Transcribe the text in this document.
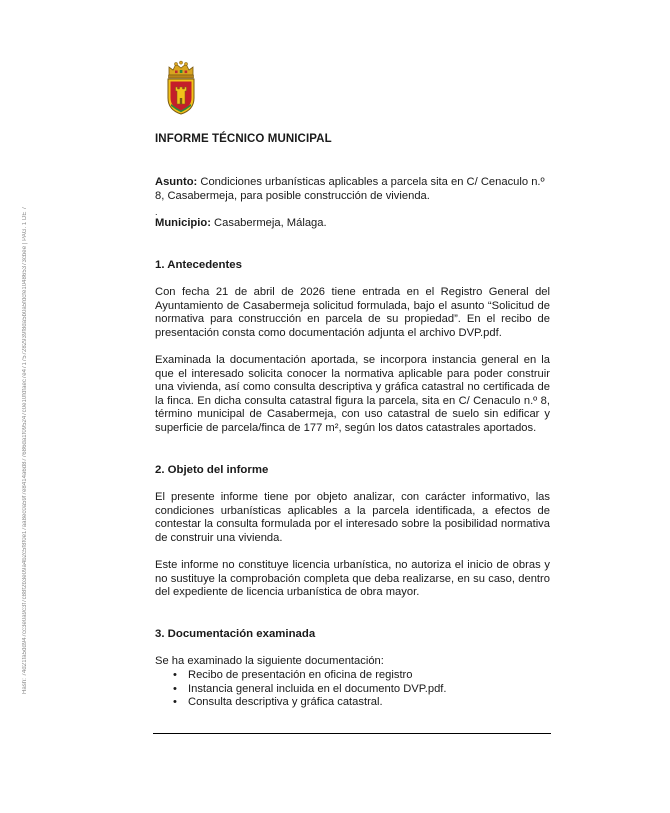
Hash: 74d21fa5dd947cc3e0a9c3f7c88f2b3e09a4b2c5f8f0e17aa8ec0a59f7e8414a6d877686da1f095247c0e10fdfaec7e471757282939f8da5b0a5fdcfe104865373cbee | PAG. 1 DE 7
INFORME TÉCNICO MUNICIPAL
Asunto: Condiciones urbanísticas aplicables a parcela sita en C/ Cenaculo n.º 8, Casabermeja, para posible construcción de vivienda.
.
Municipio: Casabermeja, Málaga.
1. Antecedentes
Con fecha 21 de abril de 2026 tiene entrada en el Registro General del Ayuntamiento de Casabermeja solicitud formulada, bajo el asunto “Solicitud de normativa para construcción en parcela de su propiedad”. En el recibo de presentación consta como documentación adjunta el archivo DVP.pdf.
Examinada la documentación aportada, se incorpora instancia general en la que el interesado solicita conocer la normativa aplicable para poder construir una vivienda, así como consulta descriptiva y gráfica catastral no certificada de la finca. En dicha consulta catastral figura la parcela, sita en C/ Cenaculo n.º 8, término municipal de Casabermeja, con uso catastral de suelo sin edificar y superficie de parcela/finca de 177 m², según los datos catastrales aportados.
2. Objeto del informe
El presente informe tiene por objeto analizar, con carácter informativo, las condiciones urbanísticas aplicables a la parcela identificada, a efectos de contestar la consulta formulada por el interesado sobre la posibilidad normativa de construir una vivienda.
Este informe no constituye licencia urbanística, no autoriza el inicio de obras y no sustituye la comprobación completa que deba realizarse, en su caso, dentro del expediente de licencia urbanística de obra mayor.
3. Documentación examinada
Se ha examinado la siguiente documentación:
• Recibo de presentación en oficina de registro
• Instancia general incluida en el documento DVP.pdf.
• Consulta descriptiva y gráfica catastral.
